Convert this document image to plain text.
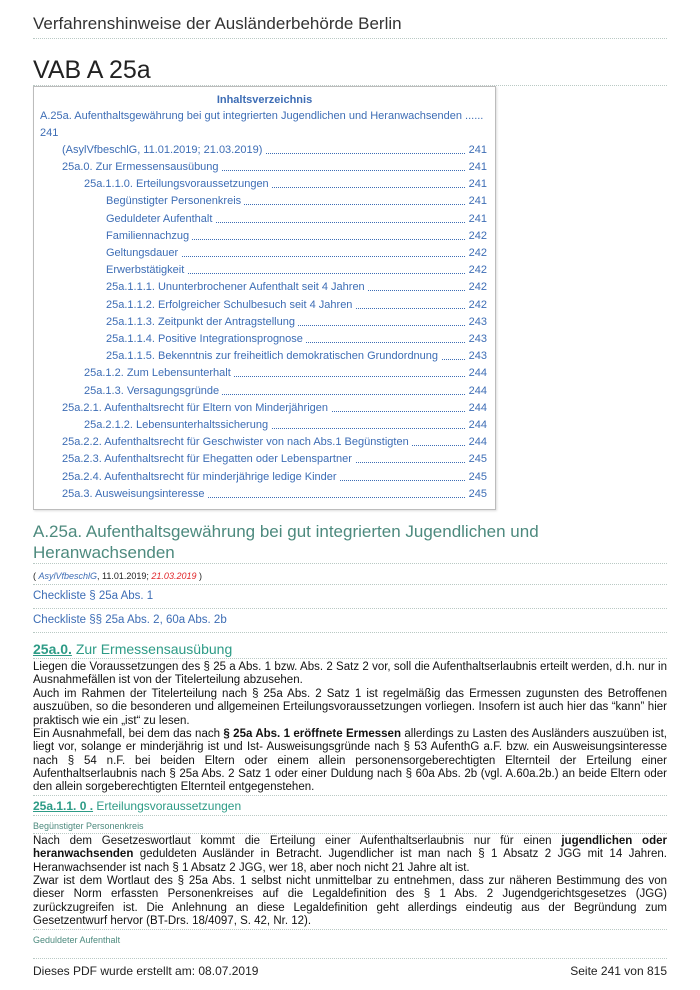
Verfahrenshinweise der Ausländerbehörde Berlin
VAB A 25a
Inhaltsverzeichnis
A.25a. Aufenthaltsgewährung bei gut integrierten Jugendlichen und Heranwachsenden ......
241
(AsylVfbeschlG, 11.01.2019; 21.03.2019)	241
25a.0. Zur Ermessensausübung	241
25a.1.1.0. Erteilungsvoraussetzungen	241
Begünstigter Personenkreis	241
Geduldeter Aufenthalt	241
Familiennachzug	242
Geltungsdauer	242
Erwerbstätigkeit	242
25a.1.1.1. Ununterbrochener Aufenthalt seit 4 Jahren	242
25a.1.1.2. Erfolgreicher Schulbesuch seit 4 Jahren	242
25a.1.1.3. Zeitpunkt der Antragstellung	243
25a.1.1.4. Positive Integrationsprognose	243
25a.1.1.5. Bekenntnis zur freiheitlich demokratischen Grundordnung	243
25a.1.2. Zum Lebensunterhalt	244
25a.1.3. Versagungsgründe	244
25a.2.1. Aufenthaltsrecht für Eltern von Minderjährigen	244
25a.2.1.2. Lebensunterhaltssicherung	244
25a.2.2. Aufenthaltsrecht für Geschwister von nach Abs.1 Begünstigten	244
25a.2.3. Aufenthaltsrecht für Ehegatten oder Lebenspartner	245
25a.2.4. Aufenthaltsrecht für minderjährige ledige Kinder	245
25a.3. Ausweisungsinteresse	245
A.25a. Aufenthaltsgewährung bei gut integrierten Jugendlichen und Heranwachsenden
( AsylVfbeschlG, 11.01.2019; 21.03.2019 )
Checkliste § 25a Abs. 1
Checkliste §§ 25a Abs. 2, 60a Abs. 2b
25a.0. Zur Ermessensausübung
Liegen die Voraussetzungen des § 25 a Abs. 1 bzw. Abs. 2 Satz 2 vor, soll die Aufenthaltserlaubnis erteilt werden, d.h. nur in Ausnahmefällen ist von der Titelerteilung abzusehen.
Auch im Rahmen der Titelerteilung nach § 25a Abs. 2 Satz 1 ist regelmäßig das Ermessen zugunsten des Betroffenen auszuüben, so die besonderen und allgemeinen Erteilungsvoraussetzungen vorliegen. Insofern ist auch hier das “kann” hier praktisch wie ein „ist“ zu lesen.
Ein Ausnahmefall, bei dem das nach § 25a Abs. 1 eröffnete Ermessen allerdings zu Lasten des Ausländers auszuüben ist, liegt vor, solange er minderjährig ist und Ist- Ausweisungsgründe nach § 53 AufenthG a.F. bzw. ein Ausweisungsinteresse nach § 54 n.F. bei beiden Eltern oder einem allein personensorgeberechtigten Elternteil der Erteilung einer Aufenthaltserlaubnis nach § 25a Abs. 2 Satz 1 oder einer Duldung nach § 60a Abs. 2b (vgl. A.60a.2b.) an beide Eltern oder den allein sorgeberechtigten Elternteil entgegenstehen.
25a.1.1. 0 . Erteilungsvoraussetzungen
Begünstigter Personenkreis
Nach dem Gesetzeswortlaut kommt die Erteilung einer Aufenthaltserlaubnis nur für einen jugendlichen oder heranwachsenden geduldeten Ausländer in Betracht. Jugendlicher ist man nach § 1 Absatz 2 JGG mit 14 Jahren. Heranwachsender ist nach § 1 Absatz 2 JGG, wer 18, aber noch nicht 21 Jahre alt ist.
Zwar ist dem Wortlaut des § 25a Abs. 1 selbst nicht unmittelbar zu entnehmen, dass zur näheren Bestimmung des von dieser Norm erfassten Personenkreises auf die Legaldefinition des § 1 Abs. 2 Jugendgerichtsgesetzes (JGG) zurückzugreifen ist. Die Anlehnung an diese Legaldefinition geht allerdings eindeutig aus der Begründung zum Gesetzentwurf hervor (BT-Drs. 18/4097, S. 42, Nr. 12).
Geduldeter Aufenthalt
Dieses PDF wurde erstellt am: 08.07.2019	Seite 241 von 815
